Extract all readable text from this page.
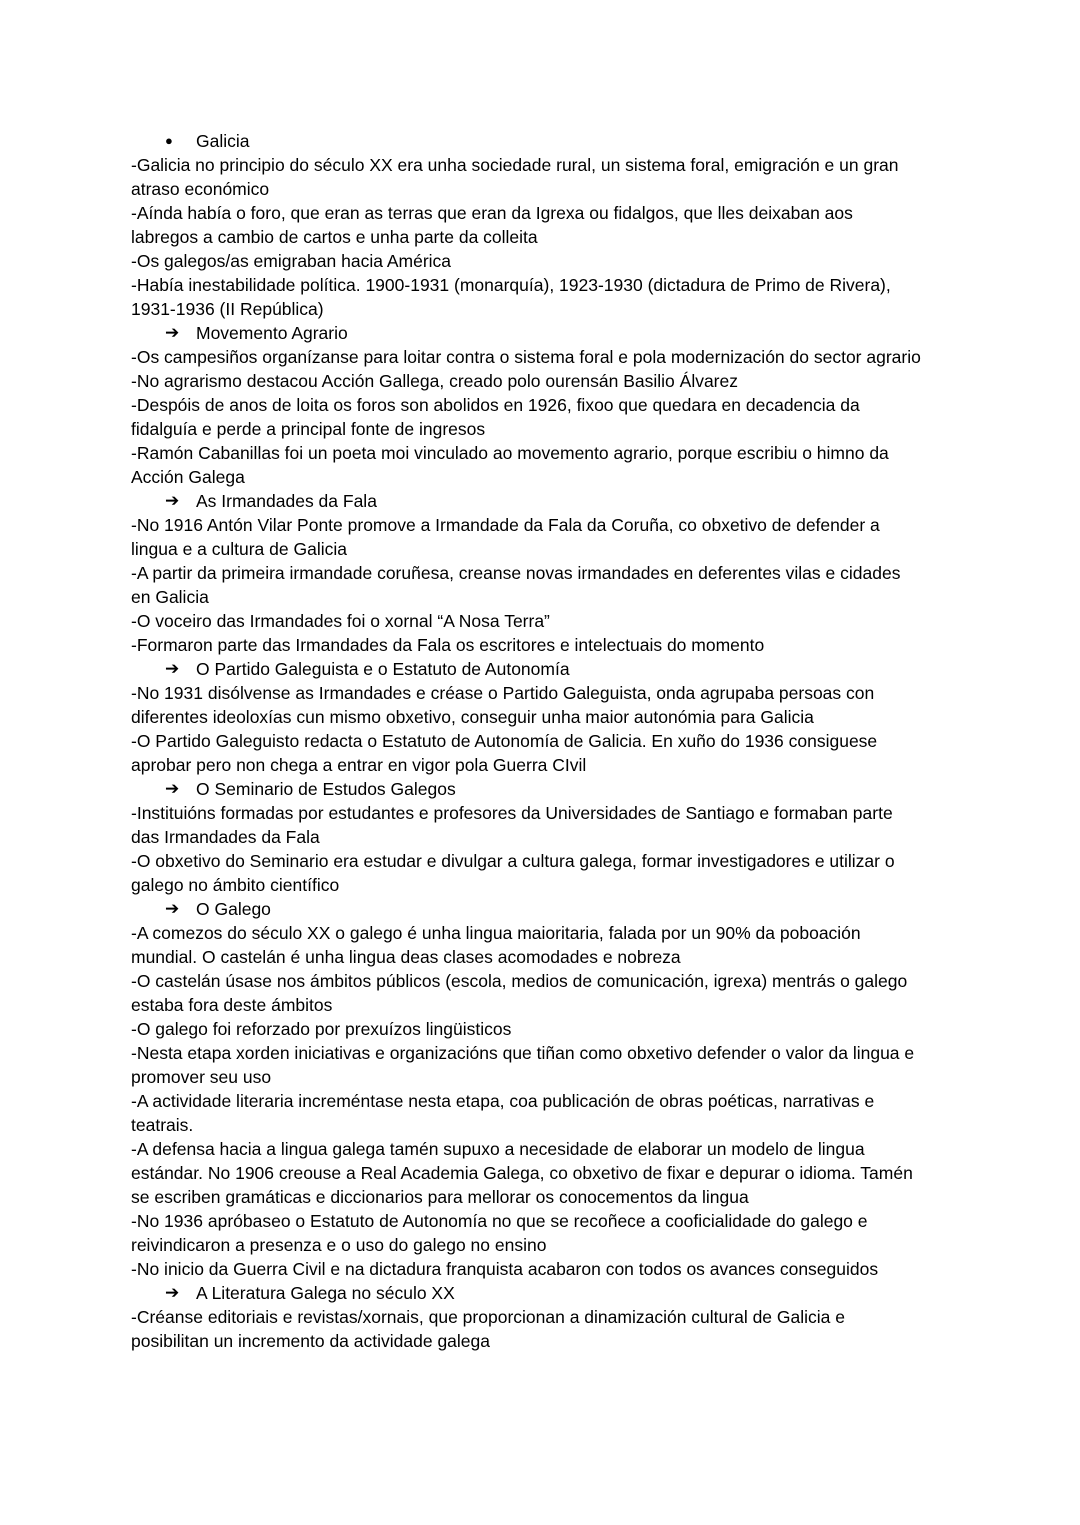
●	Galicia
-Galicia no principio do século XX era unha sociedade rural, un sistema foral, emigración e un gran
atraso económico
-Aínda había o foro, que eran as terras que eran da Igrexa ou fidalgos, que lles deixaban aos
labregos a cambio de cartos e unha parte da colleita
-Os galegos/as emigraban hacia América
-Había inestabilidade política. 1900-1931 (monarquía), 1923-1930 (dictadura de Primo de Rivera),
1931-1936 (II República)
➔ Movemento Agrario
-Os campesiños organízanse para loitar contra o sistema foral e pola modernización do sector agrario
-No agrarismo destacou Acción Gallega, creado polo ourensán Basilio Álvarez
-Despóis de anos de loita os foros son abolidos en 1926, fixoo que quedara en decadencia da
fidalguía e perde a principal fonte de ingresos
-Ramón Cabanillas foi un poeta moi vinculado ao movemento agrario, porque escribiu o himno da
Acción Galega
➔ As Irmandades da Fala
-No 1916 Antón Vilar Ponte promove a Irmandade da Fala da Coruña, co obxetivo de defender a
lingua e a cultura de Galicia
-A partir da primeira irmandade coruñesa, creanse novas irmandades en deferentes vilas e cidades
en Galicia
-O voceiro das Irmandades foi o xornal “A Nosa Terra”
-Formaron parte das Irmandades da Fala os escritores e intelectuais do momento
➔ O Partido Galeguista e o Estatuto de Autonomía
-No 1931 disólvense as Irmandades e créase o Partido Galeguista, onda agrupaba persoas con
diferentes ideoloxías cun mismo obxetivo, conseguir unha maior autonómia para Galicia
-O Partido Galeguisto redacta o Estatuto de Autonomía de Galicia. En xuño do 1936 consiguese
aprobar pero non chega a entrar en vigor pola Guerra CIvil
➔ O Seminario de Estudos Galegos
-Instituións formadas por estudantes e profesores da Universidades de Santiago e formaban parte
das Irmandades da Fala
-O obxetivo do Seminario era estudar e divulgar a cultura galega, formar investigadores e utilizar o
galego no ámbito científico
➔ O Galego
-A comezos do século XX o galego é unha lingua maioritaria, falada por un 90% da poboación
mundial. O castelán é unha lingua deas clases acomodades e nobreza
-O castelán úsase nos ámbitos públicos (escola, medios de comunicación, igrexa) mentrás o galego
estaba fora deste ámbitos
-O galego foi reforzado por prexuízos lingüisticos
-Nesta etapa xorden iniciativas e organizacións que tiñan como obxetivo defender o valor da lingua e
promover seu uso
-A actividade literaria increméntase nesta etapa, coa publicación de obras poéticas, narrativas e
teatrais.
-A defensa hacia a lingua galega tamén supuxo a necesidade de elaborar un modelo de lingua
estándar. No 1906 creouse a Real Academia Galega, co obxetivo de fixar e depurar o idioma. Tamén
se escriben gramáticas e diccionarios para mellorar os conocementos da lingua
-No 1936 apróbaseo o Estatuto de Autonomía no que se recoñece a cooficialidade do galego e
reivindicaron a presenza e o uso do galego no ensino
-No inicio da Guerra Civil e na dictadura franquista acabaron con todos os avances conseguidos
➔ A Literatura Galega no século XX
-Créanse editoriais e revistas/xornais, que proporcionan a dinamización cultural de Galicia e
posibilitan un incremento da actividade galega
